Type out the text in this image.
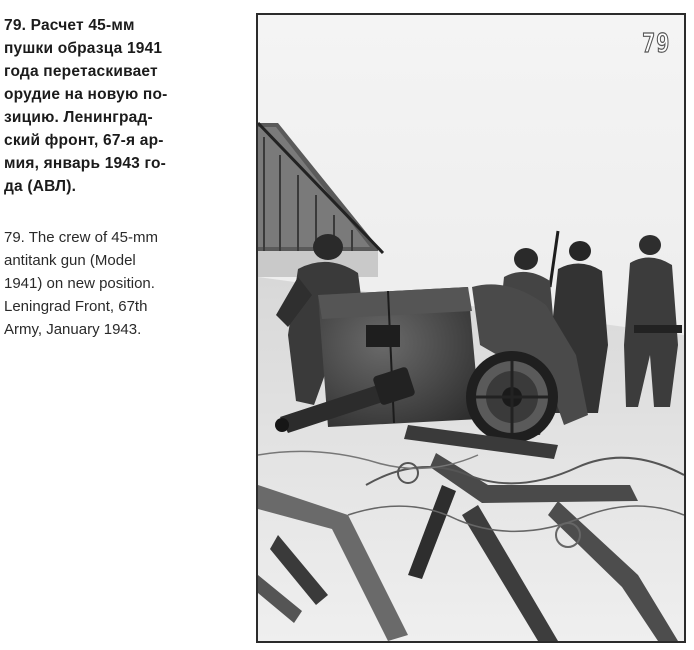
79. Расчет 45-мм
пушки образца 1941
года перетаскивает
орудие на новую по-
зицию. Ленинград-
ский фронт, 67-я ар-
мия, январь 1943 го-
да (АВЛ).
79. The crew of 45-mm
antitank gun (Model
1941) on new position.
Leningrad Front, 67th
Army, January 1943.
79
